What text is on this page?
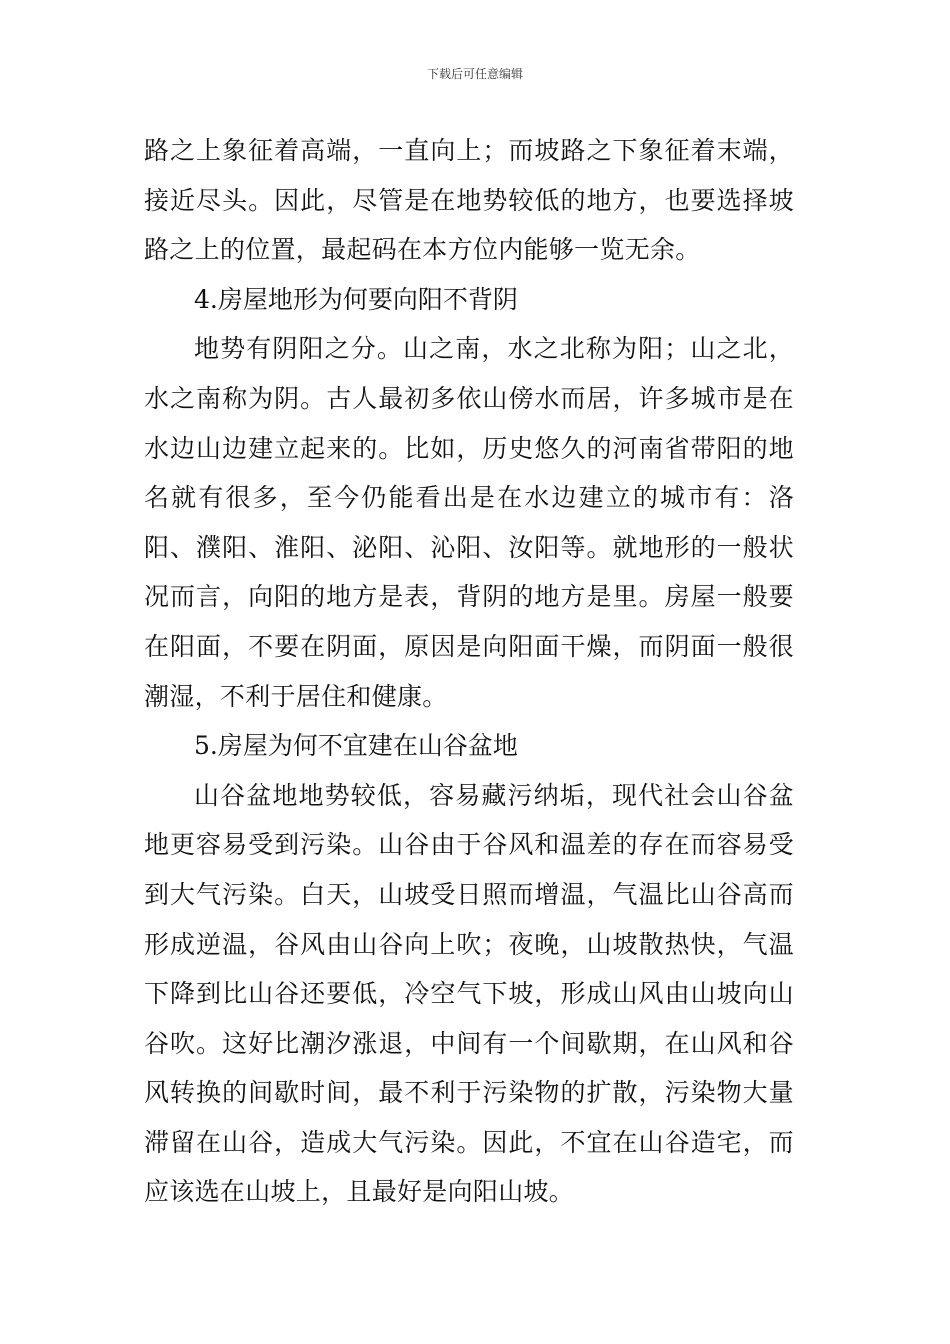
下载后可任意编辑

路之上象征着高端，一直向上；而坡路之下象征着末端，接近尽头。因此，尽管是在地势较低的地方，也要选择坡路之上的位置，最起码在本方位内能够一览无余。

4.房屋地形为何要向阳不背阴

地势有阴阳之分。山之南，水之北称为阳；山之北，水之南称为阴。古人最初多依山傍水而居，许多城市是在水边山边建立起来的。比如，历史悠久的河南省带阳的地名就有很多，至今仍能看出是在水边建立的城市有：洛阳、濮阳、淮阳、泌阳、沁阳、汝阳等。就地形的一般状况而言，向阳的地方是表，背阴的地方是里。房屋一般要在阳面，不要在阴面，原因是向阳面干燥，而阴面一般很潮湿，不利于居住和健康。

5.房屋为何不宜建在山谷盆地

山谷盆地地势较低，容易藏污纳垢，现代社会山谷盆地更容易受到污染。山谷由于谷风和温差的存在而容易受到大气污染。白天，山坡受日照而增温，气温比山谷高而形成逆温，谷风由山谷向上吹；夜晚，山坡散热快，气温下降到比山谷还要低，冷空气下坡，形成山风由山坡向山谷吹。这好比潮汐涨退，中间有一个间歇期，在山风和谷风转换的间歇时间，最不利于污染物的扩散，污染物大量滞留在山谷，造成大气污染。因此，不宜在山谷造宅，而应该选在山坡上，且最好是向阳山坡。
